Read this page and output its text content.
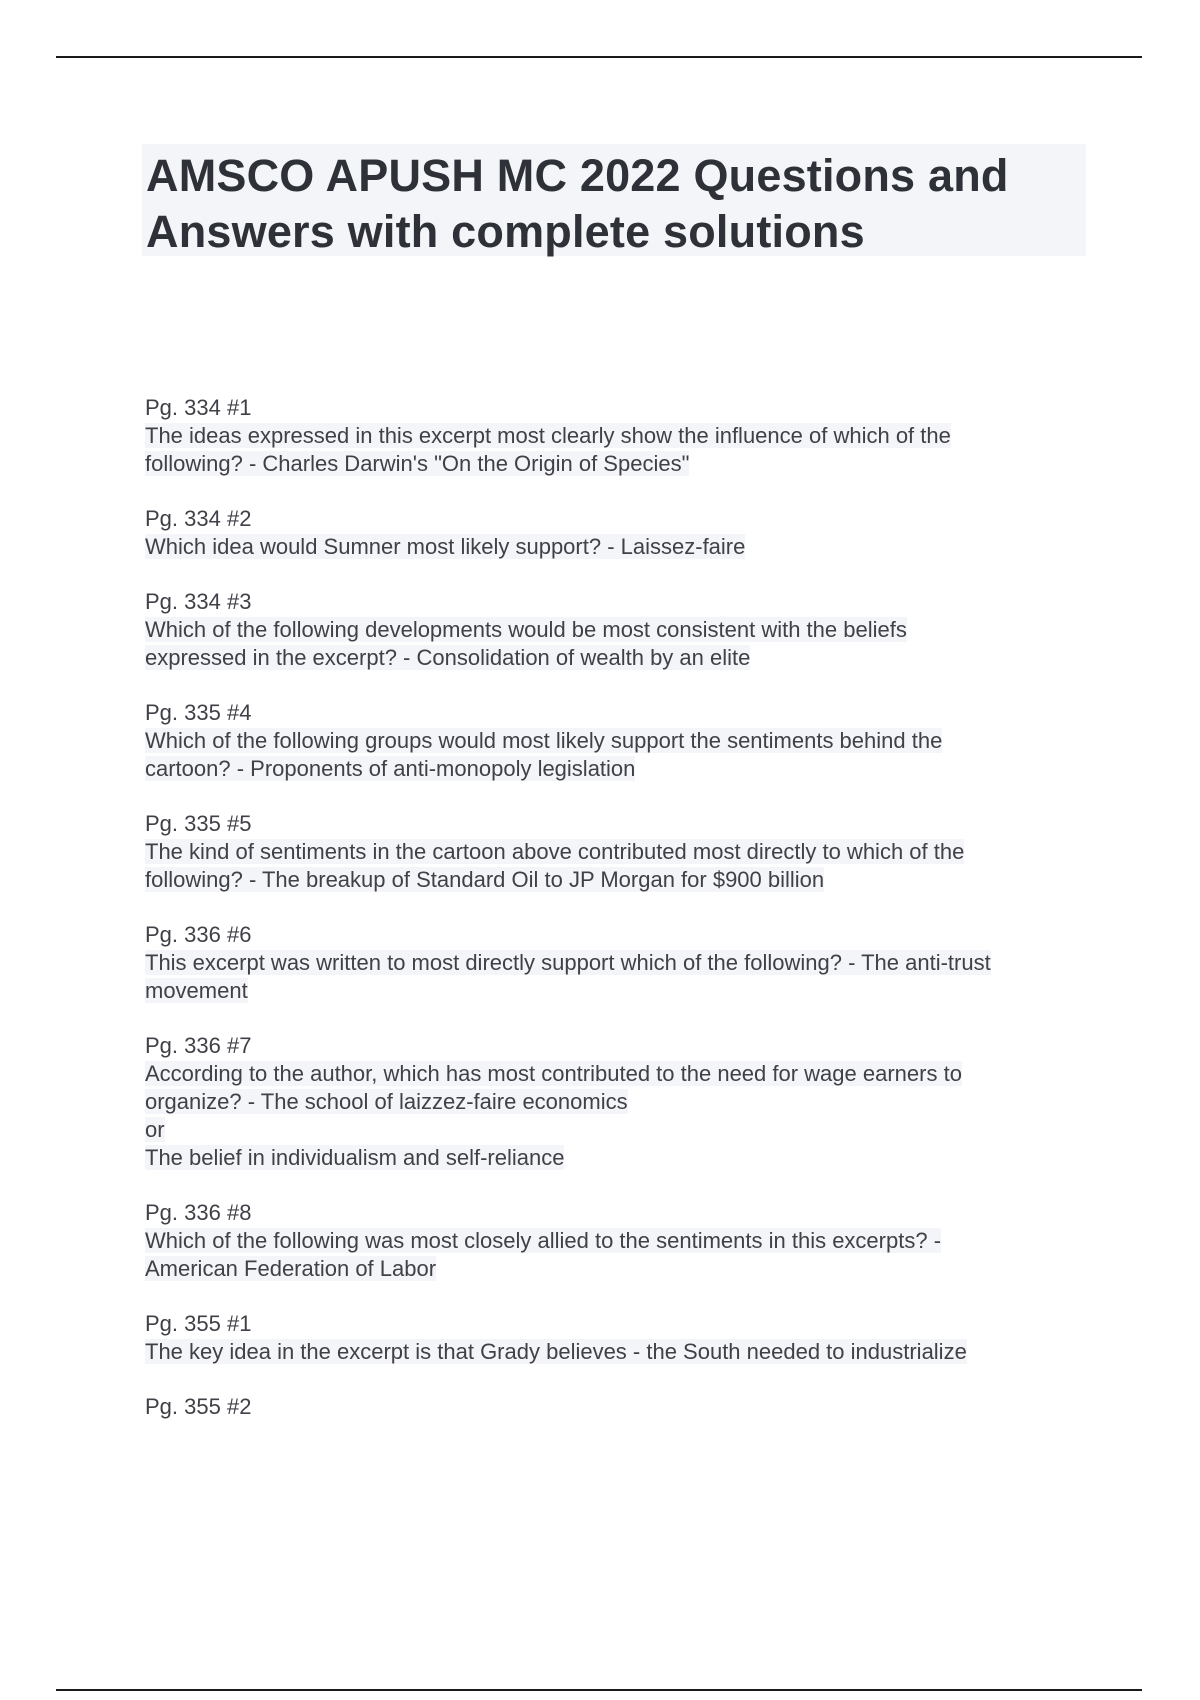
AMSCO APUSH MC 2022 Questions and
Answers with complete solutions
Pg. 334 #1
The ideas expressed in this excerpt most clearly show the influence of which of the
following? - Charles Darwin's "On the Origin of Species"
Pg. 334 #2
Which idea would Sumner most likely support? - Laissez-faire
Pg. 334 #3
Which of the following developments would be most consistent with the beliefs
expressed in the excerpt? - Consolidation of wealth by an elite
Pg. 335 #4
Which of the following groups would most likely support the sentiments behind the
cartoon? - Proponents of anti-monopoly legislation
Pg. 335 #5
The kind of sentiments in the cartoon above contributed most directly to which of the
following? - The breakup of Standard Oil to JP Morgan for $900 billion
Pg. 336 #6
This excerpt was written to most directly support which of the following? - The anti-trust
movement
Pg. 336 #7
According to the author, which has most contributed to the need for wage earners to
organize? - The school of laizzez-faire economics
or
The belief in individualism and self-reliance
Pg. 336 #8
Which of the following was most closely allied to the sentiments in this excerpts? -
American Federation of Labor
Pg. 355 #1
The key idea in the excerpt is that Grady believes - the South needed to industrialize
Pg. 355 #2
